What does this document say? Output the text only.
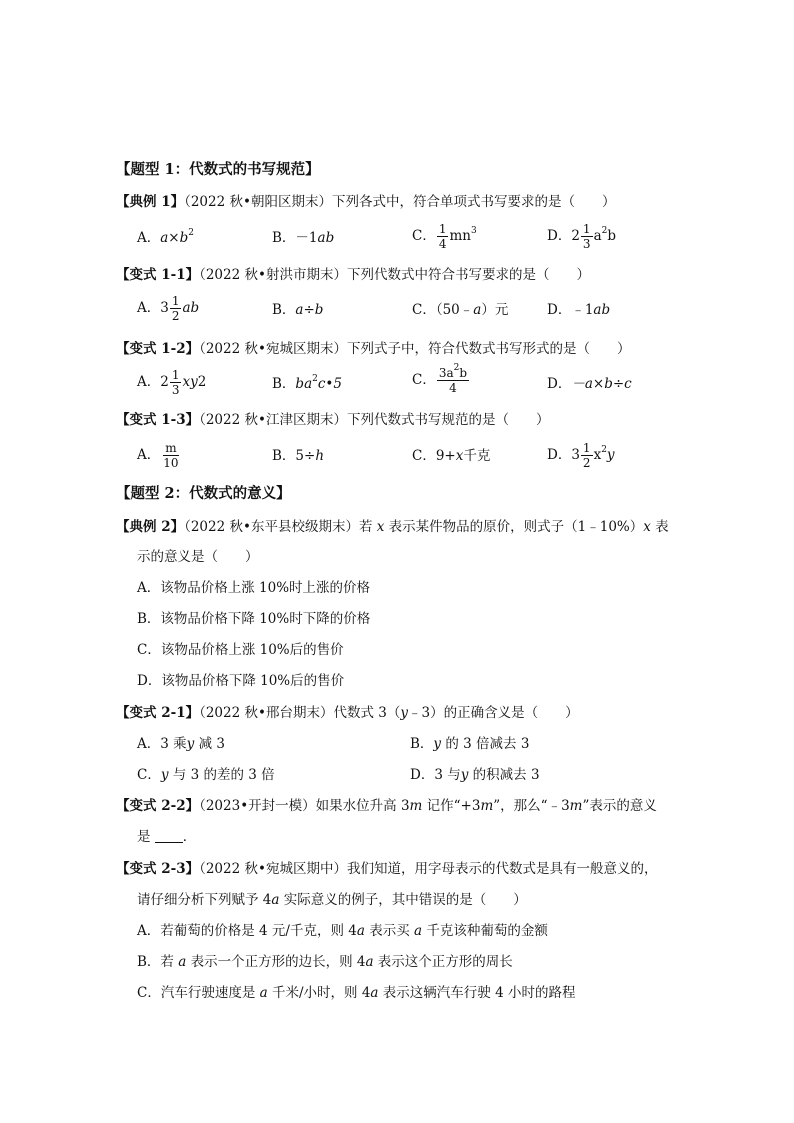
【题型 1：代数式的书写规范】
【典例 1】（2022 秋•朝阳区期末）下列各式中，符合单项式书写要求的是（　　）
A．$a\times b^2$	B．－1ab	C． $\frac{1}{4} mn^3$	D．$2 \frac{1}{3} a^2b$
【变式 1-1】（2022 秋•射洪市期末）下列代数式中符合书写要求的是（　　）
A．$3 \frac{1}{2}$ ab	B．a÷b	C．（50﹣a）元	D．﹣1ab
【变式 1-2】（2022 秋•宛城区期末）下列式子中，符合代数式书写形式的是（　　）
A．$2 \frac{1}{3} xy2$	B．$ba^2c•5$	C． $\frac{3a^2b}{4}$	D．－a×b÷c
【变式 1-3】（2022 秋•江津区期末）下列代数式书写规范的是（　　）
A． $\frac{m}{10}$	B．5÷h	C．9+x千克	D．$3 \frac{1}{2} x^2y$
【题型 2：代数式的意义】
【典例 2】（2022 秋•东平县校级期末）若 x 表示某件物品的原价，则式子（1﹣10%）x 表
示的意义是（　　）
A．该物品价格上涨 10%时上涨的价格
B．该物品价格下降 10%时下降的价格
C．该物品价格上涨 10%后的售价
D．该物品价格下降 10%后的售价
【变式 2-1】（2022 秋•邢台期末）代数式 3（y﹣3）的正确含义是（　　）
A．3 乘y 减 3	B．y 的 3 倍减去 3
C．y 与 3 的差的 3 倍	D．3 与y 的积减去 3
【变式 2-2】（2023•开封一模）如果水位升高 3m 记作“+3m”，那么“﹣3m”表示的意义
是 ．
【变式 2-3】（2022 秋•宛城区期中）我们知道，用字母表示的代数式是具有一般意义的，
请仔细分析下列赋予 4a 实际意义的例子，其中错误的是（　　）
A．若葡萄的价格是 4 元/千克，则 4a 表示买 a 千克该种葡萄的金额
B．若 a 表示一个正方形的边长，则 4a 表示这个正方形的周长
C．汽车行驶速度是 a 千米/小时，则 4a 表示这辆汽车行驶 4 小时的路程
